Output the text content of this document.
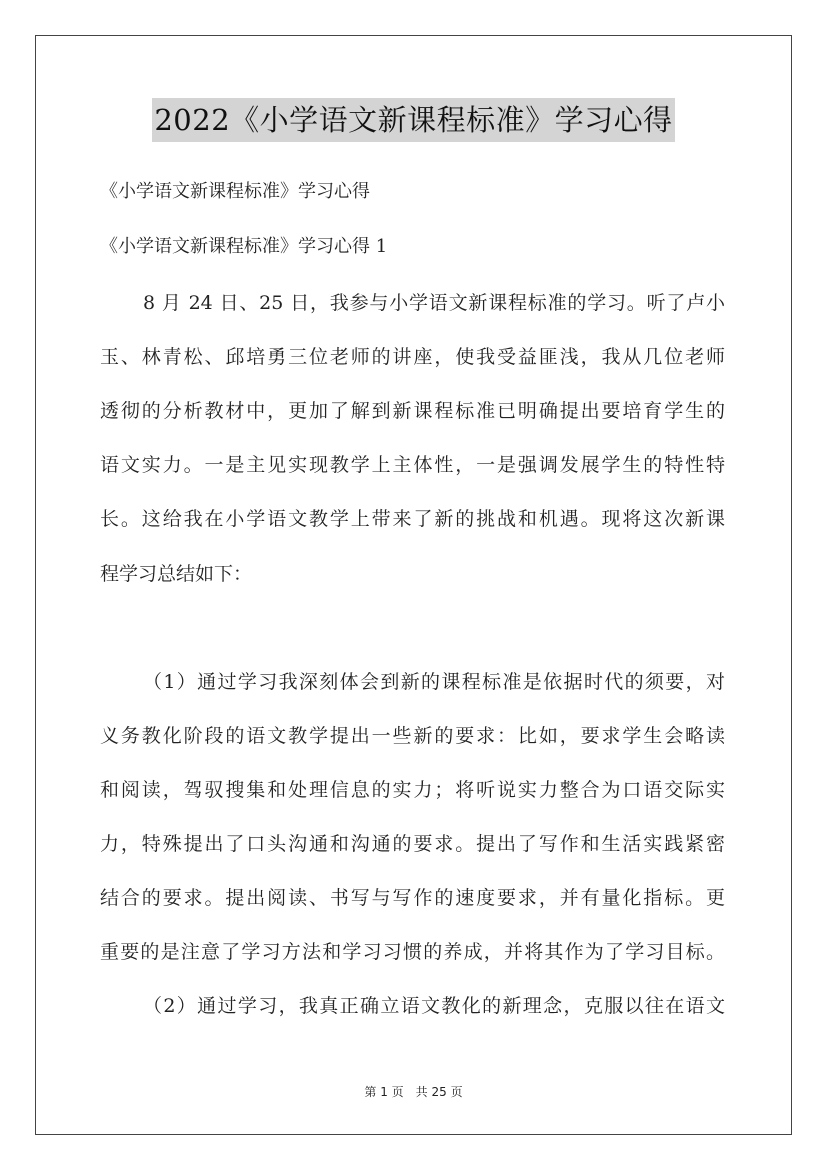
2022《小学语文新课程标准》学习心得
《小学语文新课程标准》学习心得
《小学语文新课程标准》学习心得 1
8 月 24 日、25 日，我参与小学语文新课程标准的学习。听了卢小
玉、林青松、邱培勇三位老师的讲座，使我受益匪浅，我从几位老师
透彻的分析教材中，更加了解到新课程标准已明确提出要培育学生的
语文实力。一是主见实现教学上主体性，一是强调发展学生的特性特
长。这给我在小学语文教学上带来了新的挑战和机遇。现将这次新课
程学习总结如下：
（1）通过学习我深刻体会到新的课程标准是依据时代的须要，对
义务教化阶段的语文教学提出一些新的要求：比如，要求学生会略读
和阅读，驾驭搜集和处理信息的实力；将听说实力整合为口语交际实
力，特殊提出了口头沟通和沟通的要求。提出了写作和生活实践紧密
结合的要求。提出阅读、书写与写作的速度要求，并有量化指标。更
重要的是注意了学习方法和学习习惯的养成，并将其作为了学习目标。
（2）通过学习，我真正确立语文教化的新理念，克服以往在语文
第 1 页　共 25 页
